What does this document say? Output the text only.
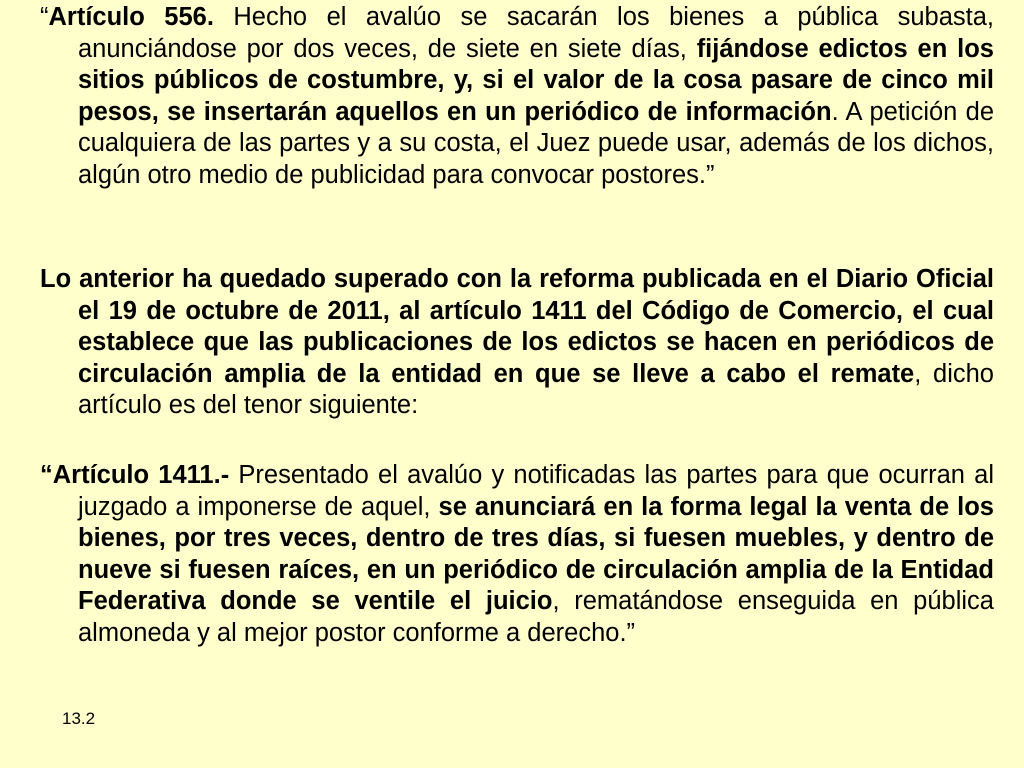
“Artículo 556. Hecho el avalúo se sacarán los bienes a pública subasta, anunciándose por dos veces, de siete en siete días, fijándose edictos en los sitios públicos de costumbre, y, si el valor de la cosa pasare de cinco mil pesos, se insertarán aquellos en un periódico de información. A petición de cualquiera de las partes y a su costa, el Juez puede usar, además de los dichos, algún otro medio de publicidad para convocar postores.”

Lo anterior ha quedado superado con la reforma publicada en el Diario Oficial el 19 de octubre de 2011, al artículo 1411 del Código de Comercio, el cual establece que las publicaciones de los edictos se hacen en periódicos de circulación amplia de la entidad en que se lleve a cabo el remate, dicho artículo es del tenor siguiente:

“Artículo 1411.- Presentado el avalúo y notificadas las partes para que ocurran al juzgado a imponerse de aquel, se anunciará en la forma legal la venta de los bienes, por tres veces, dentro de tres días, si fuesen muebles, y dentro de nueve si fuesen raíces, en un periódico de circulación amplia de la Entidad Federativa donde se ventile el juicio, rematándose enseguida en pública almoneda y al mejor postor conforme a derecho.”

13.2
